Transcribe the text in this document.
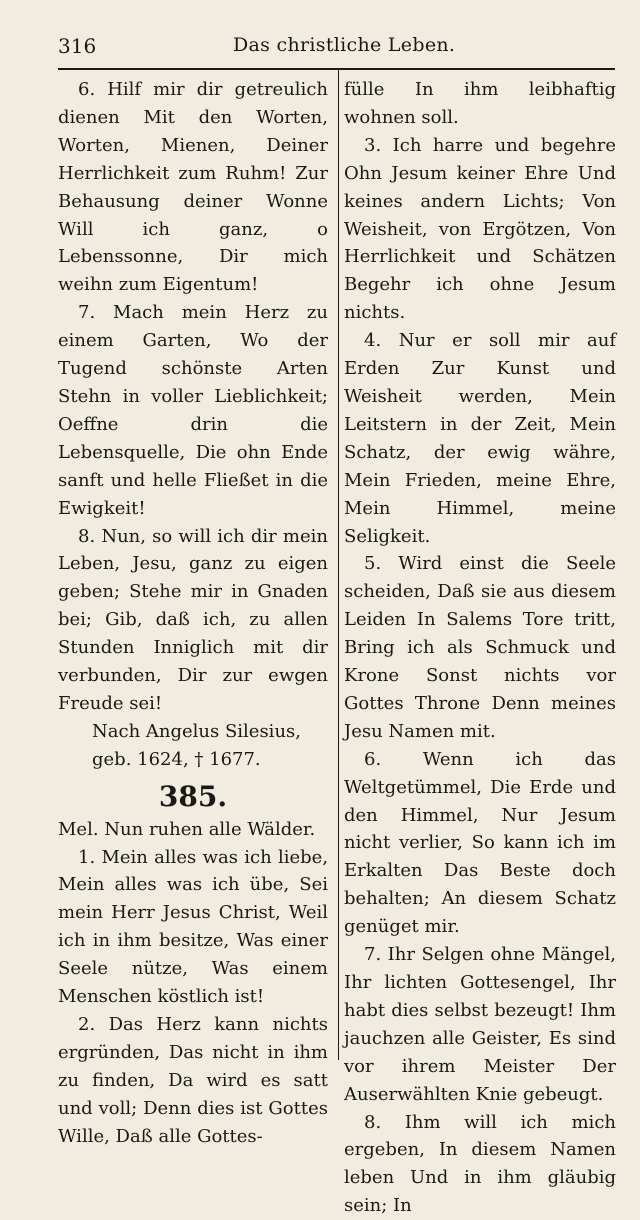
316	Das christliche Leben.

6. Hilf mir dir getreulich dienen Mit den Worten, Worten, Mienen, Deiner Herrlichkeit zum Ruhm! Zur Behausung deiner Wonne Will ich ganz, o Lebenssonne, Dir mich weihn zum Eigentum!

7. Mach mein Herz zu einem Garten, Wo der Tugend schönste Arten Stehn in voller Lieblichkeit; Oeffne drin die Lebensquelle, Die ohn Ende sanft und helle Fließet in die Ewigkeit!

8. Nun, so will ich dir mein Leben, Jesu, ganz zu eigen geben; Stehe mir in Gnaden bei; Gib, daß ich, zu allen Stunden Inniglich mit dir verbunden, Dir zur ewgen Freude sei!

Nach Angelus Silesius,
geb. 1624, † 1677.
385.

Mel. Nun ruhen alle Wälder.

1. Mein alles was ich liebe, Mein alles was ich übe, Sei mein Herr Jesus Christ, Weil ich in ihm besitze, Was einer Seele nütze, Was einem Menschen köstlich ist!

2. Das Herz kann nichts ergründen, Das nicht in ihm zu finden, Da wird es satt und voll; Denn dies ist Gottes Wille, Daß alle Gottes-

fülle In ihm leibhaftig wohnen soll.

3. Ich harre und begehre Ohn Jesum keiner Ehre Und keines andern Lichts; Von Weisheit, von Ergötzen, Von Herrlichkeit und Schätzen Begehr ich ohne Jesum nichts.

4. Nur er soll mir auf Erden Zur Kunst und Weisheit werden, Mein Leitstern in der Zeit, Mein Schatz, der ewig währe, Mein Frieden, meine Ehre, Mein Himmel, meine Seligkeit.

5. Wird einst die Seele scheiden, Daß sie aus diesem Leiden In Salems Tore tritt, Bring ich als Schmuck und Krone Sonst nichts vor Gottes Throne Denn meines Jesu Namen mit.

6. Wenn ich das Weltgetümmel, Die Erde und den Himmel, Nur Jesum nicht verlier, So kann ich im Erkalten Das Beste doch behalten; An diesem Schatz genüget mir.

7. Ihr Selgen ohne Mängel, Ihr lichten Gottesengel, Ihr habt dies selbst bezeugt! Ihm jauchzen alle Geister, Es sind vor ihrem Meister Der Auserwählten Knie gebeugt.

8. Ihm will ich mich ergeben, In diesem Namen leben Und in ihm gläubig sein; In
